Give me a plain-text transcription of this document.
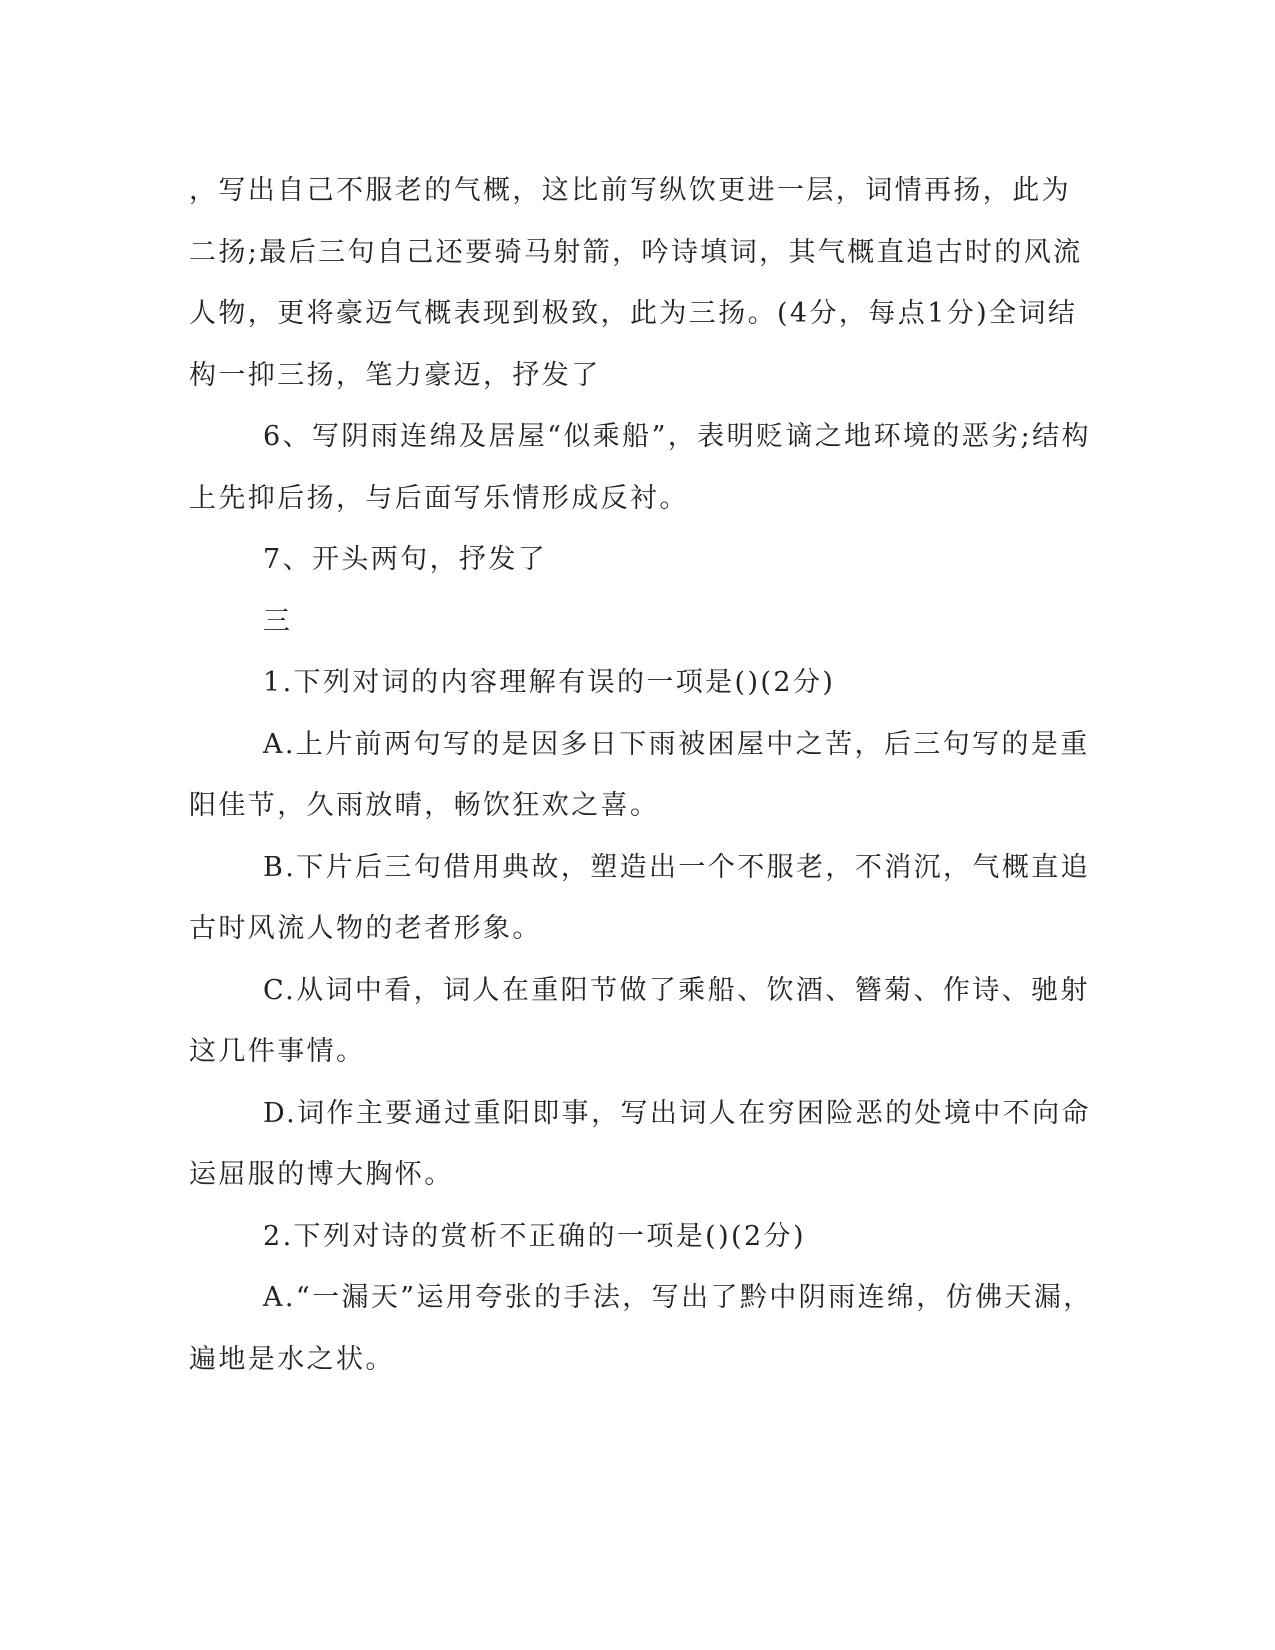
，写出自己不服老的气概，这比前写纵饮更进一层，词情再扬，此为
二扬;最后三句自己还要骑马射箭，吟诗填词，其气概直追古时的风流
人物，更将豪迈气概表现到极致，此为三扬。(4分，每点1分)全词结
构一抑三扬，笔力豪迈，抒发了
6、写阴雨连绵及居屋“似乘船”，表明贬谪之地环境的恶劣;结构
上先抑后扬，与后面写乐情形成反衬。
7、开头两句，抒发了
三
1.下列对词的内容理解有误的一项是()(2分)
A.上片前两句写的是因多日下雨被困屋中之苦，后三句写的是重
阳佳节，久雨放晴，畅饮狂欢之喜。
B.下片后三句借用典故，塑造出一个不服老，不消沉，气概直追
古时风流人物的老者形象。
C.从词中看，词人在重阳节做了乘船、饮酒、簪菊、作诗、驰射
这几件事情。
D.词作主要通过重阳即事，写出词人在穷困险恶的处境中不向命
运屈服的博大胸怀。
2.下列对诗的赏析不正确的一项是()(2分)
A.“一漏天”运用夸张的手法，写出了黔中阴雨连绵，仿佛天漏，
遍地是水之状。
